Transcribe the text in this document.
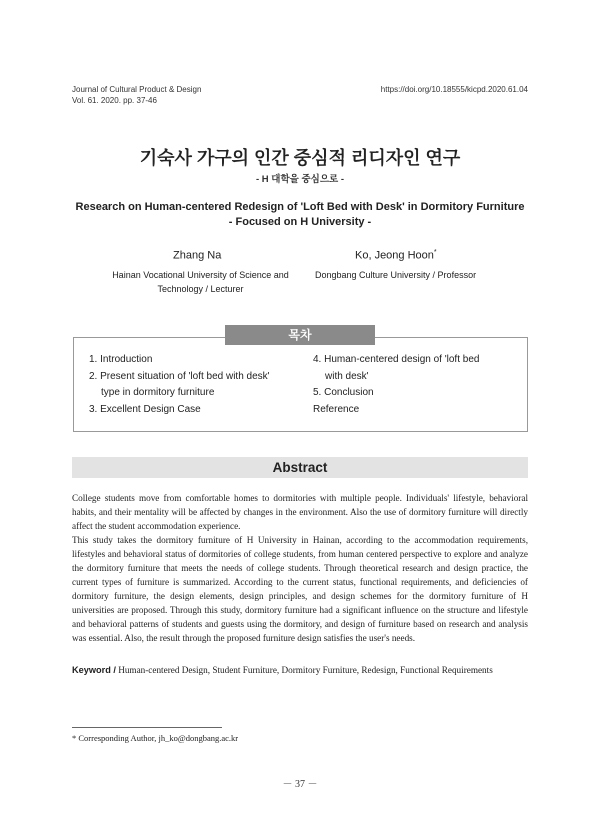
Journal of Cultural Product & Design
Vol. 61. 2020. pp. 37-46
https://doi.org/10.18555/kicpd.2020.61.04
기숙사 가구의 인간 중심적 리디자인 연구
- H 대학을 중심으로 -
Research on Human-centered Redesign of 'Loft Bed with Desk' in Dormitory Furniture
- Focused on H University -
Zhang Na	Ko, Jeong Hoon*
Hainan Vocational University of Science and
Technology / Lecturer
Dongbang Culture University / Professor
목차
1. Introduction
2. Present situation of 'loft bed with desk'
type in dormitory furniture
3. Excellent Design Case
4. Human-centered design of 'loft bed
with desk'
5. Conclusion
Reference
Abstract

College students move from comfortable homes to dormitories with multiple people. Individuals' lifestyle, behavioral habits, and their mentality will be affected by changes in the environment. Also the use of dormitory furniture will directly affect the student accommodation experience.

This study takes the dormitory furniture of H University in Hainan, according to the accommodation requirements, lifestyles and behavioral status of dormitories of college students, from human centered perspective to explore and analyze the dormitory furniture that meets the needs of college students. Through theoretical research and design practice, the current types of furniture is summarized. According to the current status, functional requirements, and deficiencies of dormitory furniture, the design elements, design principles, and design schemes for the dormitory furniture of H universities are proposed. Through this study, dormitory furniture had a significant influence on the structure and lifestyle and behavioral patterns of students and guests using the dormitory, and design of furniture based on research and analysis was essential. Also, the result through the proposed furniture design satisfies the user's needs.

Keyword / Human-centered Design, Student Furniture, Dormitory Furniture, Redesign, Functional Requirements
* Corresponding Author, jh_ko@dongbang.ac.kr
－ 37 －
